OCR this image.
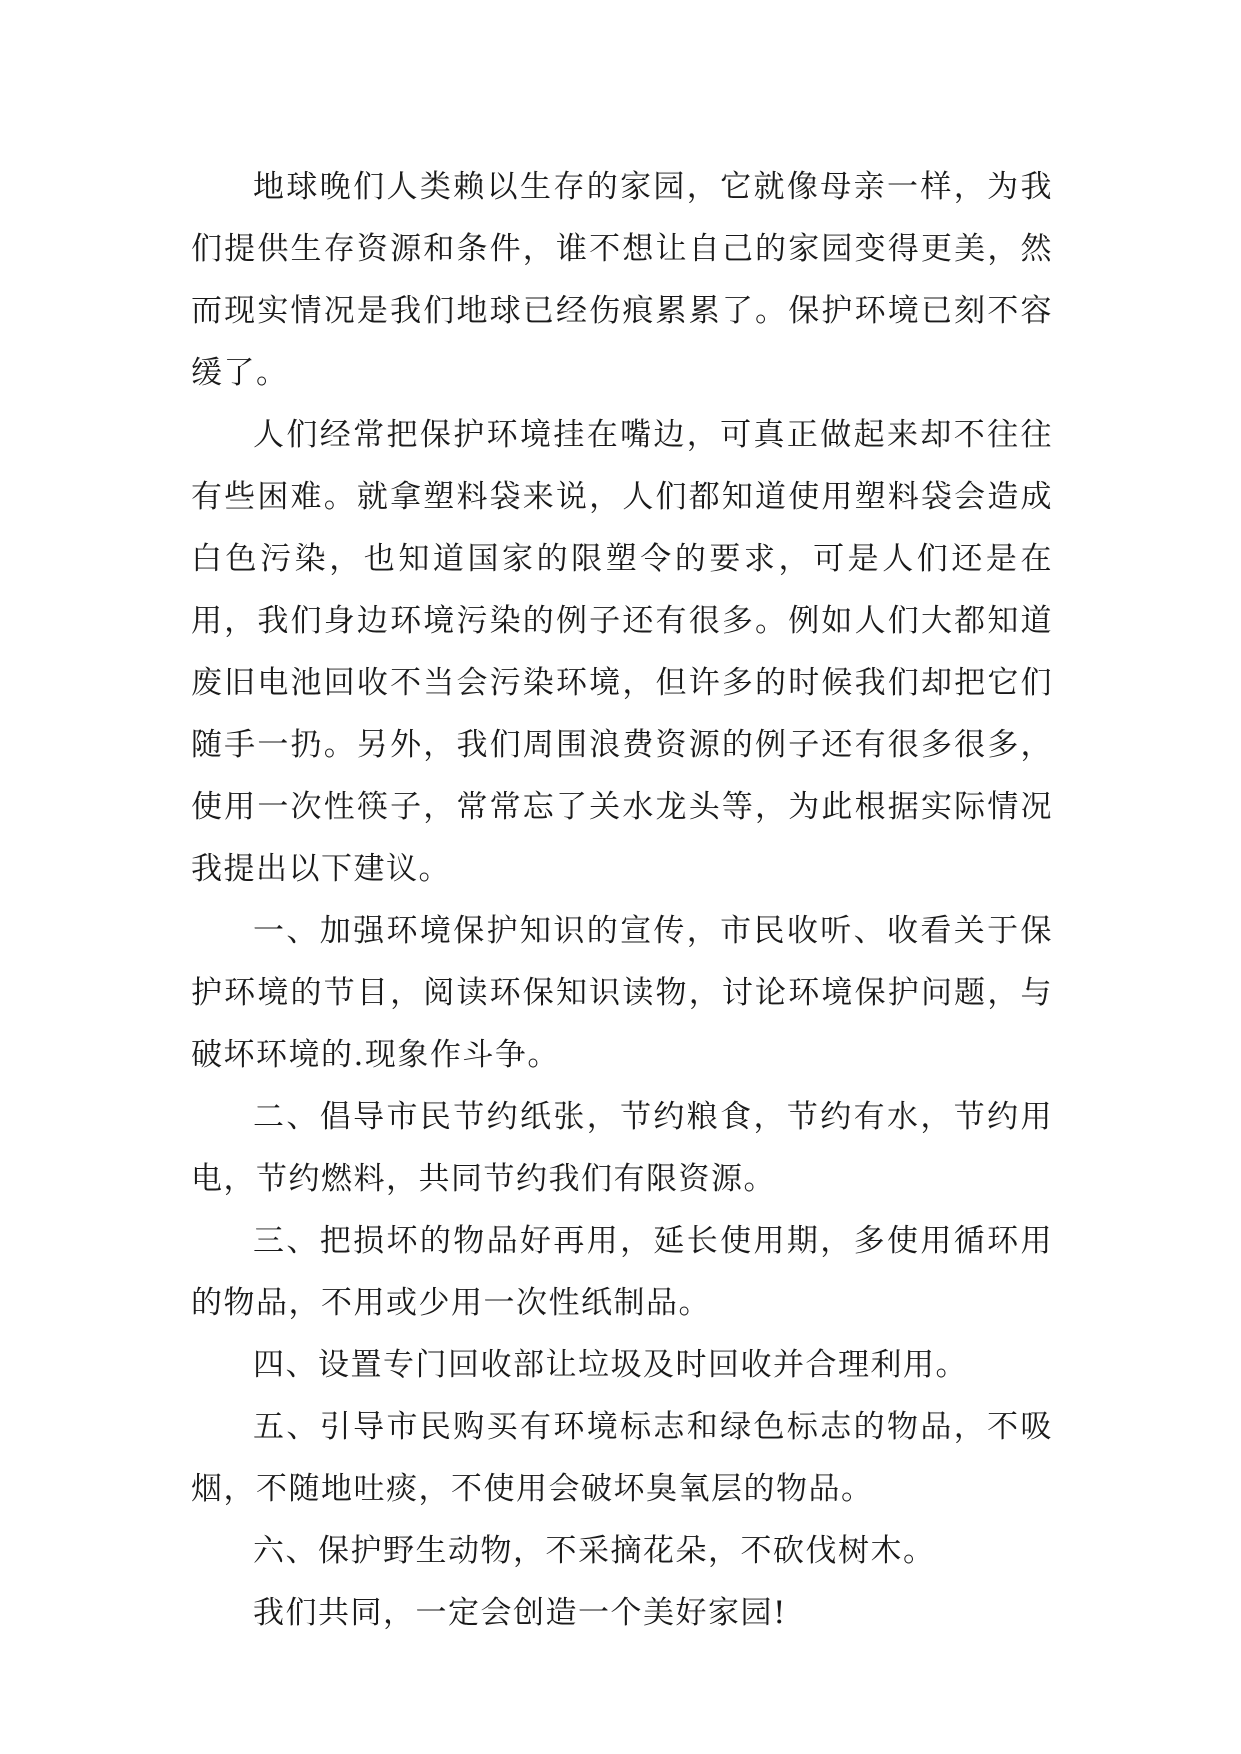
地球晚们人类赖以生存的家园，它就像母亲一样，为我们提供生存资源和条件，谁不想让自己的家园变得更美，然而现实情况是我们地球已经伤痕累累了。保护环境已刻不容缓了。

人们经常把保护环境挂在嘴边，可真正做起来却不往往有些困难。就拿塑料袋来说，人们都知道使用塑料袋会造成白色污染，也知道国家的限塑令的要求，可是人们还是在用，我们身边环境污染的例子还有很多。例如人们大都知道废旧电池回收不当会污染环境，但许多的时候我们却把它们随手一扔。另外，我们周围浪费资源的例子还有很多很多，使用一次性筷子，常常忘了关水龙头等，为此根据实际情况我提出以下建议。

一、加强环境保护知识的宣传，市民收听、收看关于保护环境的节目，阅读环保知识读物，讨论环境保护问题，与破坏环境的.现象作斗争。

二、倡导市民节约纸张，节约粮食，节约有水，节约用电，节约燃料，共同节约我们有限资源。

三、把损坏的物品好再用，延长使用期，多使用循环用的物品，不用或少用一次性纸制品。

四、设置专门回收部让垃圾及时回收并合理利用。

五、引导市民购买有环境标志和绿色标志的物品，不吸烟，不随地吐痰，不使用会破坏臭氧层的物品。

六、保护野生动物，不采摘花朵，不砍伐树木。

我们共同，一定会创造一个美好家园!
